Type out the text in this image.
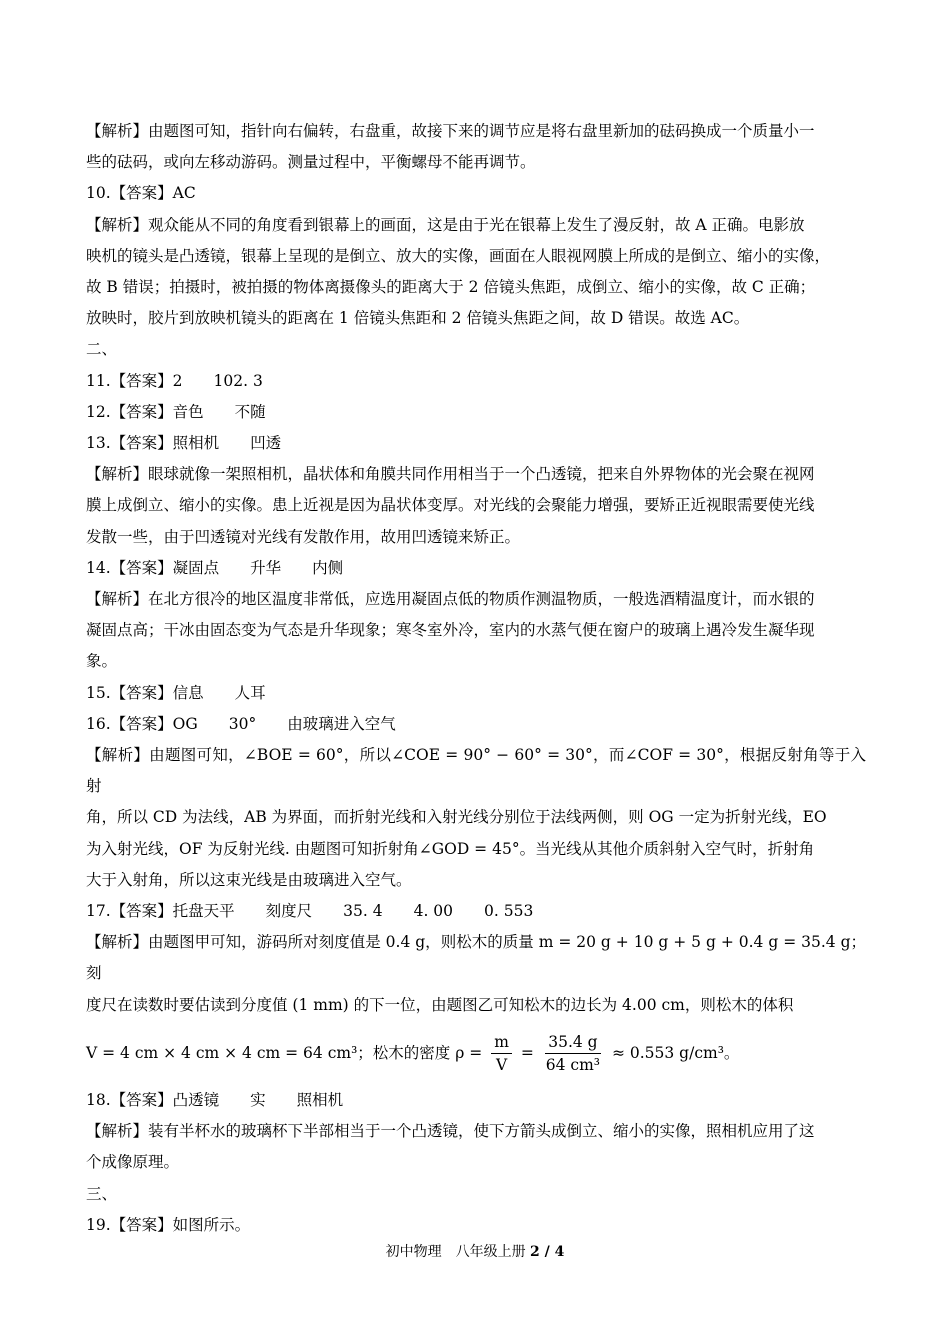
【解析】由题图可知，指针向右偏转，右盘重，故接下来的调节应是将右盘里新加的砝码换成一个质量小一

些的砝码，或向左移动游码。测量过程中，平衡螺母不能再调节。

10.【答案】AC

【解析】观众能从不同的角度看到银幕上的画面，这是由于光在银幕上发生了漫反射，故 A 正确。电影放

映机的镜头是凸透镜，银幕上呈现的是倒立、放大的实像，画面在人眼视网膜上所成的是倒立、缩小的实像，

故 B 错误；拍摄时，被拍摄的物体离摄像头的距离大于 2 倍镜头焦距，成倒立、缩小的实像，故 C 正确；

放映时，胶片到放映机镜头的距离在 1 倍镜头焦距和 2 倍镜头焦距之间，故 D 错误。故选 AC。

二、

11.【答案】2　　102. 3

12.【答案】音色　　不随

13.【答案】照相机　　凹透

【解析】眼球就像一架照相机，晶状体和角膜共同作用相当于一个凸透镜，把来自外界物体的光会聚在视网

膜上成倒立、缩小的实像。患上近视是因为晶状体变厚。对光线的会聚能力增强，要矫正近视眼需要使光线

发散一些，由于凹透镜对光线有发散作用，故用凹透镜来矫正。

14.【答案】凝固点　　升华　　内侧

【解析】在北方很冷的地区温度非常低，应选用凝固点低的物质作测温物质，一般选酒精温度计，而水银的

凝固点高；干冰由固态变为气态是升华现象；寒冬室外冷，室内的水蒸气便在窗户的玻璃上遇冷发生凝华现

象。

15.【答案】信息　　人耳

16.【答案】OG　　30°　　由玻璃进入空气

【解析】由题图可知，∠BOE = 60°，所以∠COE = 90° − 60° = 30°，而∠COF = 30°，根据反射角等于入射

角，所以 CD 为法线，AB 为界面，而折射光线和入射光线分别位于法线两侧，则 OG 一定为折射光线，EO

为入射光线，OF 为反射光线. 由题图可知折射角∠GOD = 45°。当光线从其他介质斜射入空气时，折射角

大于入射角，所以这束光线是由玻璃进入空气。

17.【答案】托盘天平　　刻度尺　　35. 4　　4. 00　　0. 553

【解析】由题图甲可知，游码所对刻度值是 0.4 g，则松木的质量 m = 20 g + 10 g + 5 g + 0.4 g = 35.4 g；刻

度尺在读数时要估读到分度值 (1 mm) 的下一位，由题图乙可知松木的边长为 4.00 cm，则松木的体积

V = 4 cm × 4 cm × 4 cm = 64 cm³；松木的密度 $\rho = \frac{m}{V} = \frac{35.4 g}{\text{64 cm³}} \approx 0.553$ g/cm³。

18.【答案】凸透镜　　实　　照相机

【解析】装有半杯水的玻璃杯下半部相当于一个凸透镜，使下方箭头成倒立、缩小的实像，照相机应用了这

个成像原理。

三、

19.【答案】如图所示。

初中物理　八年级上册 2 / 4
